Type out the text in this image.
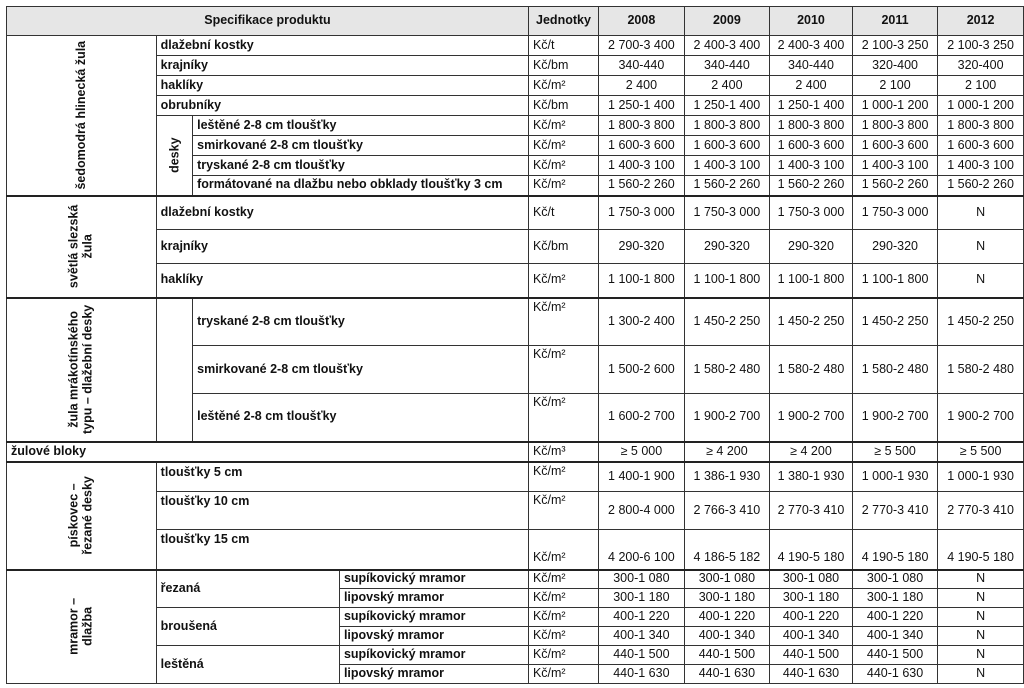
Specifikace produktu				Jednotky	2008	2009	2010	2011	2012
šedomodrá hlinecká žula	dlažební kostky			Kč/t	2 700-3 400	2 400-3 400	2 400-3 400	2 100-3 250	2 100-3 250
	krajníky			Kč/bm	340-440	340-440	340-440	320-400	320-400
	haklíky			Kč/m²	2 400	2 400	2 400	2 100	2 100
	obrubníky			Kč/bm	1 250-1 400	1 250-1 400	1 250-1 400	1 000-1 200	1 000-1 200
	desky	leštěné 2-8 cm tloušťky		Kč/m²	1 800-3 800	1 800-3 800	1 800-3 800	1 800-3 800	1 800-3 800
		smirkované 2-8 cm tloušťky		Kč/m²	1 600-3 600	1 600-3 600	1 600-3 600	1 600-3 600	1 600-3 600
		tryskané 2-8 cm tloušťky		Kč/m²	1 400-3 100	1 400-3 100	1 400-3 100	1 400-3 100	1 400-3 100
		formátované na dlažbu nebo obklady tloušťky 3 cm		Kč/m²	1 560-2 260	1 560-2 260	1 560-2 260	1 560-2 260	1 560-2 260
světlá slezská žula	dlažební kostky			Kč/t	1 750-3 000	1 750-3 000	1 750-3 000	1 750-3 000	N
	krajníky			Kč/bm	290-320	290-320	290-320	290-320	N
	haklíky			Kč/m²	1 100-1 800	1 100-1 800	1 100-1 800	1 100-1 800	N
žula mrákotínského typu – dlažební desky		tryskané 2-8 cm tloušťky		Kč/m²	1 300-2 400	1 450-2 250	1 450-2 250	1 450-2 250	1 450-2 250
		smirkované 2-8 cm tloušťky		Kč/m²	1 500-2 600	1 580-2 480	1 580-2 480	1 580-2 480	1 580-2 480
		leštěné 2-8 cm tloušťky		Kč/m²	1 600-2 700	1 900-2 700	1 900-2 700	1 900-2 700	1 900-2 700
žulové bloky				Kč/m³	≥ 5 000	≥ 4 200	≥ 4 200	≥ 5 500	≥ 5 500
pískovec – řezané desky	tloušťky 5 cm			Kč/m²	1 400-1 900	1 386-1 930	1 380-1 930	1 000-1 930	1 000-1 930
	tloušťky 10 cm			Kč/m²	2 800-4 000	2 766-3 410	2 770-3 410	2 770-3 410	2 770-3 410
	tloušťky 15 cm			Kč/m²	4 200-6 100	4 186-5 182	4 190-5 180	4 190-5 180	4 190-5 180
mramor – dlažba	řezaná		supíkovický mramor	Kč/m²	300-1 080	300-1 080	300-1 080	300-1 080	N
			lipovský mramor	Kč/m²	300-1 180	300-1 180	300-1 180	300-1 180	N
	broušená		supíkovický mramor	Kč/m²	400-1 220	400-1 220	400-1 220	400-1 220	N
			lipovský mramor	Kč/m²	400-1 340	400-1 340	400-1 340	400-1 340	N
	leštěná		supíkovický mramor	Kč/m²	440-1 500	440-1 500	440-1 500	440-1 500	N
			lipovský mramor	Kč/m²	440-1 630	440-1 630	440-1 630	440-1 630	N
